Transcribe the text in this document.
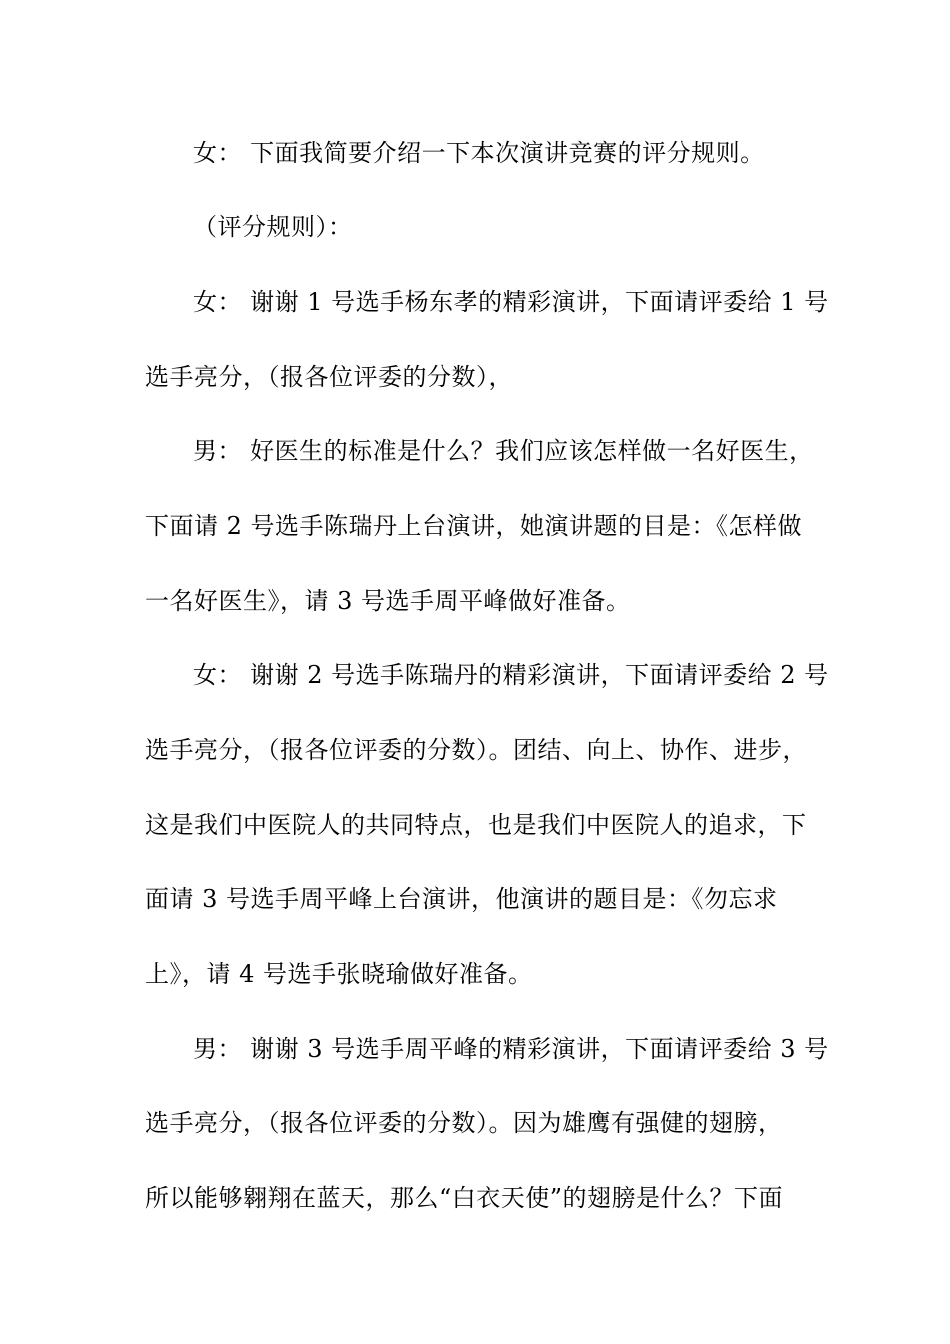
女： 下面我简要介绍一下本次演讲竞赛的评分规则。
（评分规则）：
女： 谢谢 1 号选手杨东孝的精彩演讲，下面请评委给 1 号
选手亮分，（报各位评委的分数），
男： 好医生的标准是什么？我们应该怎样做一名好医生，
下面请 2 号选手陈瑞丹上台演讲，她演讲题的目是：《怎样做
一名好医生》，请 3 号选手周平峰做好准备。
女： 谢谢 2 号选手陈瑞丹的精彩演讲，下面请评委给 2 号
选手亮分，（报各位评委的分数）。团结、向上、协作、进步，
这是我们中医院人的共同特点，也是我们中医院人的追求，下
面请 3 号选手周平峰上台演讲，他演讲的题目是：《勿忘求
上》，请 4 号选手张晓瑜做好准备。
男： 谢谢 3 号选手周平峰的精彩演讲，下面请评委给 3 号
选手亮分，（报各位评委的分数）。因为雄鹰有强健的翅膀，
所以能够翱翔在蓝天，那么“白衣天使”的翅膀是什么？下面
